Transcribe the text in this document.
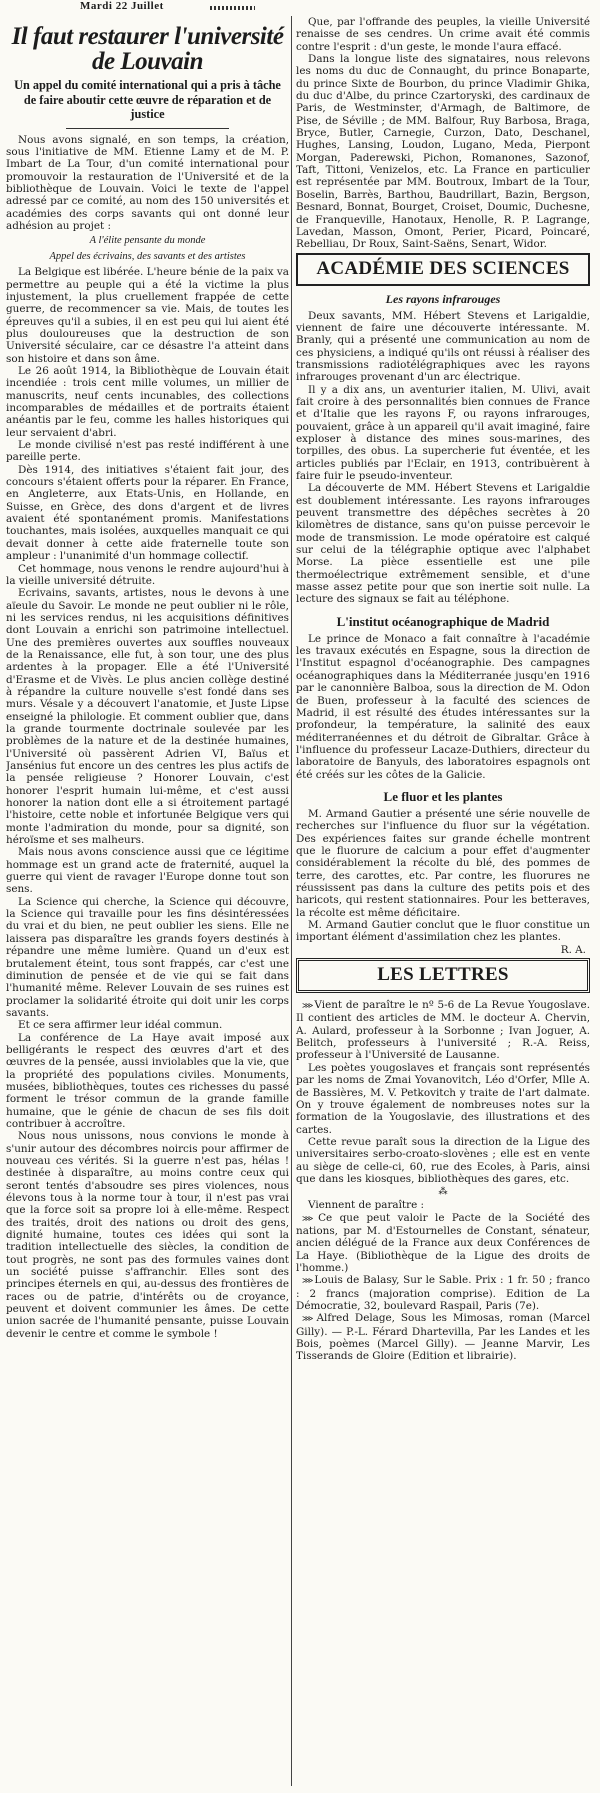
Mardi 22 Juillet
Il faut restaurer l'université de Louvain
Un appel du comité international qui a pris à tâche de faire aboutir cette œuvre de réparation et de justice

Nous avons signalé, en son temps, la création, sous l'initiative de MM. Etienne Lamy et de M. P. Imbart de La Tour, d'un comité international pour promouvoir la restauration de l'Université et de la bibliothèque de Louvain. Voici le texte de l'appel adressé par ce comité, au nom des 150 universités et académies des corps savants qui ont donné leur adhésion au projet :

A l'élite pensante du monde
Appel des écrivains, des savants et des artistes

La Belgique est libérée. L'heure bénie de la paix va permettre au peuple qui a été la victime la plus injustement, la plus cruellement frappée de cette guerre, de recommencer sa vie. Mais, de toutes les épreuves qu'il a subies, il en est peu qui lui aient été plus douloureuses que la destruction de son Université séculaire, car ce désastre l'a atteint dans son histoire et dans son âme.

Le 26 août 1914, la Bibliothèque de Louvain était incendiée : trois cent mille volumes, un millier de manuscrits, neuf cents incunables, des collections incomparables de médailles et de portraits étaient anéantis par le feu, comme les halles historiques qui leur servaient d'abri.

Le monde civilisé n'est pas resté indifférent à une pareille perte.

Dès 1914, des initiatives s'étaient fait jour, des concours s'étaient offerts pour la réparer. En France, en Angleterre, aux Etats-Unis, en Hollande, en Suisse, en Grèce, des dons d'argent et de livres avaient été spontanément promis. Manifestations touchantes, mais isolées, auxquelles manquait ce qui devait donner à cette aide fraternelle toute son ampleur : l'unanimité d'un hommage collectif.

Cet hommage, nous venons le rendre aujourd'hui à la vieille université détruite.

Ecrivains, savants, artistes, nous le devons à une aïeule du Savoir. Le monde ne peut oublier ni le rôle, ni les services rendus, ni les acquisitions définitives dont Louvain a enrichi son patrimoine intellectuel. Une des premières ouvertes aux souffles nouveaux de la Renaissance, elle fut, à son tour, une des plus ardentes à la propager. Elle a été l'Université d'Erasme et de Vivès. Le plus ancien collège destiné à répandre la culture nouvelle s'est fondé dans ses murs. Vésale y a découvert l'anatomie, et Juste Lipse enseigné la philologie. Et comment oublier que, dans la grande tourmente doctrinale soulevée par les problèmes de la nature et de la destinée humaines, l'Université où passèrent Adrien VI, Baïus et Jansénius fut encore un des centres les plus actifs de la pensée religieuse ? Honorer Louvain, c'est honorer l'esprit humain lui-même, et c'est aussi honorer la nation dont elle a si étroitement partagé l'histoire, cette noble et infortunée Belgique vers qui monte l'admiration du monde, pour sa dignité, son héroïsme et ses malheurs.

Mais nous avons conscience aussi que ce légitime hommage est un grand acte de fraternité, auquel la guerre qui vient de ravager l'Europe donne tout son sens.

La Science qui cherche, la Science qui découvre, la Science qui travaille pour les fins désintéressées du vrai et du bien, ne peut oublier les siens. Elle ne laissera pas disparaître les grands foyers destinés à répandre une même lumière. Quand un d'eux est brutalement éteint, tous sont frappés, car c'est une diminution de pensée et de vie qui se fait dans l'humanité même. Relever Louvain de ses ruines est proclamer la solidarité étroite qui doit unir les corps savants.

Et ce sera affirmer leur idéal commun.

La conférence de La Haye avait imposé aux belligérants le respect des œuvres d'art et des œuvres de la pensée, aussi inviolables que la vie, que la propriété des populations civiles. Monuments, musées, bibliothèques, toutes ces richesses du passé forment le trésor commun de la grande famille humaine, que le génie de chacun de ses fils doit contribuer à accroître.

Nous nous unissons, nous convions le monde à s'unir autour des décombres noircis pour affirmer de nouveau ces vérités. Si la guerre n'est pas, hélas ! destinée à disparaître, au moins contre ceux qui seront tentés d'absoudre ses pires violences, nous élevons tous à la norme tour à tour, il n'est pas vrai que la force soit sa propre loi à elle-même. Respect des traités, droit des nations ou droit des gens, dignité humaine, toutes ces idées qui sont la tradition intellectuelle des siècles, la condition de tout progrès, ne sont pas des formules vaines dont un société puisse s'affranchir. Elles sont des principes éternels en qui, au-dessus des frontières de races ou de patrie, d'intérêts ou de croyance, peuvent et doivent communier les âmes. De cette union sacrée de l'humanité pensante, puisse Louvain devenir le centre et comme le symbole !

Que, par l'offrande des peuples, la vieille Université renaisse de ses cendres. Un crime avait été commis contre l'esprit : d'un geste, le monde l'aura effacé.

Dans la longue liste des signataires, nous relevons les noms du duc de Connaught, du prince Bonaparte, du prince Sixte de Bourbon, du prince Vladimir Ghika, du duc d'Albe, du prince Czartoryski, des cardinaux de Paris, de Westminster, d'Armagh, de Baltimore, de Pise, de Séville ; de MM. Balfour, Ruy Barbosa, Braga, Bryce, Butler, Carnegie, Curzon, Dato, Deschanel, Hughes, Lansing, Loudon, Lugano, Meda, Pierpont Morgan, Paderewski, Pichon, Romanones, Sazonof, Taft, Tittoni, Venizelos, etc. La France en particulier est représentée par MM. Boutroux, Imbart de la Tour, Boselin, Barrès, Barthou, Baudrillart, Bazin, Bergson, Besnard, Bonnat, Bourget, Croiset, Doumic, Duchesne, de Franqueville, Hanotaux, Henolle, R. P. Lagrange, Lavedan, Masson, Omont, Perier, Picard, Poincaré, Rebelliau, Dr Roux, Saint-Saëns, Senart, Widor.

ACADÉMIE DES SCIENCES
Les rayons infrarouges

Deux savants, MM. Hébert Stevens et Larigaldie, viennent de faire une découverte intéressante. M. Branly, qui a présenté une communication au nom de ces physiciens, a indiqué qu'ils ont réussi à réaliser des transmissions radiotélégraphiques avec les rayons infrarouges provenant d'un arc électrique.

Il y a dix ans, un aventurier italien, M. Ulivi, avait fait croire à des personnalités bien connues de France et d'Italie que les rayons F, ou rayons infrarouges, pouvaient, grâce à un appareil qu'il avait imaginé, faire exploser à distance des mines sous-marines, des torpilles, des obus. La supercherie fut éventée, et les articles publiés par l'Eclair, en 1913, contribuèrent à faire fuir le pseudo-inventeur.

La découverte de MM. Hébert Stevens et Larigaldie est doublement intéressante. Les rayons infrarouges peuvent transmettre des dépêches secrètes à 20 kilomètres de distance, sans qu'on puisse percevoir le mode de transmission. Le mode opératoire est calqué sur celui de la télégraphie optique avec l'alphabet Morse. La pièce essentielle est une pile thermoélectrique extrêmement sensible, et d'une masse assez petite pour que son inertie soit nulle. La lecture des signaux se fait au téléphone.

L'institut océanographique de Madrid

Le prince de Monaco a fait connaître à l'académie les travaux exécutés en Espagne, sous la direction de l'Institut espagnol d'océanographie. Des campagnes océanographiques dans la Méditerranée jusqu'en 1916 par le canonnière Balboa, sous la direction de M. Odon de Buen, professeur à la faculté des sciences de Madrid, il est résulté des études intéressantes sur la profondeur, la température, la salinité des eaux méditerranéennes et du détroit de Gibraltar. Grâce à l'influence du professeur Lacaze-Duthiers, directeur du laboratoire de Banyuls, des laboratoires espagnols ont été créés sur les côtes de la Galicie.

Le fluor et les plantes

M. Armand Gautier a présenté une série nouvelle de recherches sur l'influence du fluor sur la végétation. Des expériences faites sur grande échelle montrent que le fluorure de calcium a pour effet d'augmenter considérablement la récolte du blé, des pommes de terre, des carottes, etc. Par contre, les fluorures ne réussissent pas dans la culture des petits pois et des haricots, qui restent stationnaires. Pour les betteraves, la récolte est même déficitaire.

M. Armand Gautier conclut que le fluor constitue un important élément d'assimilation chez les plantes.

R. A.
LES LETTRES

⋙ Vient de paraître le nº 5-6 de La Revue Yougoslave. Il contient des articles de MM. le docteur A. Chervin, A. Aulard, professeur à la Sorbonne ; Ivan Joguer, A. Belitch, professeurs à l'université ; R.-A. Reiss, professeur à l'Université de Lausanne.

Les poètes yougoslaves et français sont représentés par les noms de Zmai Yovanovitch, Léo d'Orfer, Mlle A. de Bassières, M. V. Petkovitch y traite de l'art dalmate. On y trouve également de nombreuses notes sur la formation de la Yougoslavie, des illustrations et des cartes.

Cette revue paraît sous la direction de la Ligue des universitaires serbo-croato-slovènes ; elle est en vente au siège de celle-ci, 60, rue des Ecoles, à Paris, ainsi que dans les kiosques, bibliothèques des gares, etc.

⁂

Viennent de paraître :

⋙ Ce que peut valoir le Pacte de la Société des nations, par M. d'Estournelles de Constant, sénateur, ancien délégué de la France aux deux Conférences de La Haye. (Bibliothèque de la Ligue des droits de l'homme.)

⋙ Louis de Balasy, Sur le Sable. Prix : 1 fr. 50 ; franco : 2 francs (majoration comprise). Edition de La Démocratie, 32, boulevard Raspail, Paris (7e).

⋙ Alfred Delage, Sous les Mimosas, roman (Marcel Gilly). — P.-L. Férard Dhartevilla, Par les Landes et les Bois, poèmes (Marcel Gilly). — Jeanne Marvir, Les Tisserands de Gloire (Edition et librairie).
